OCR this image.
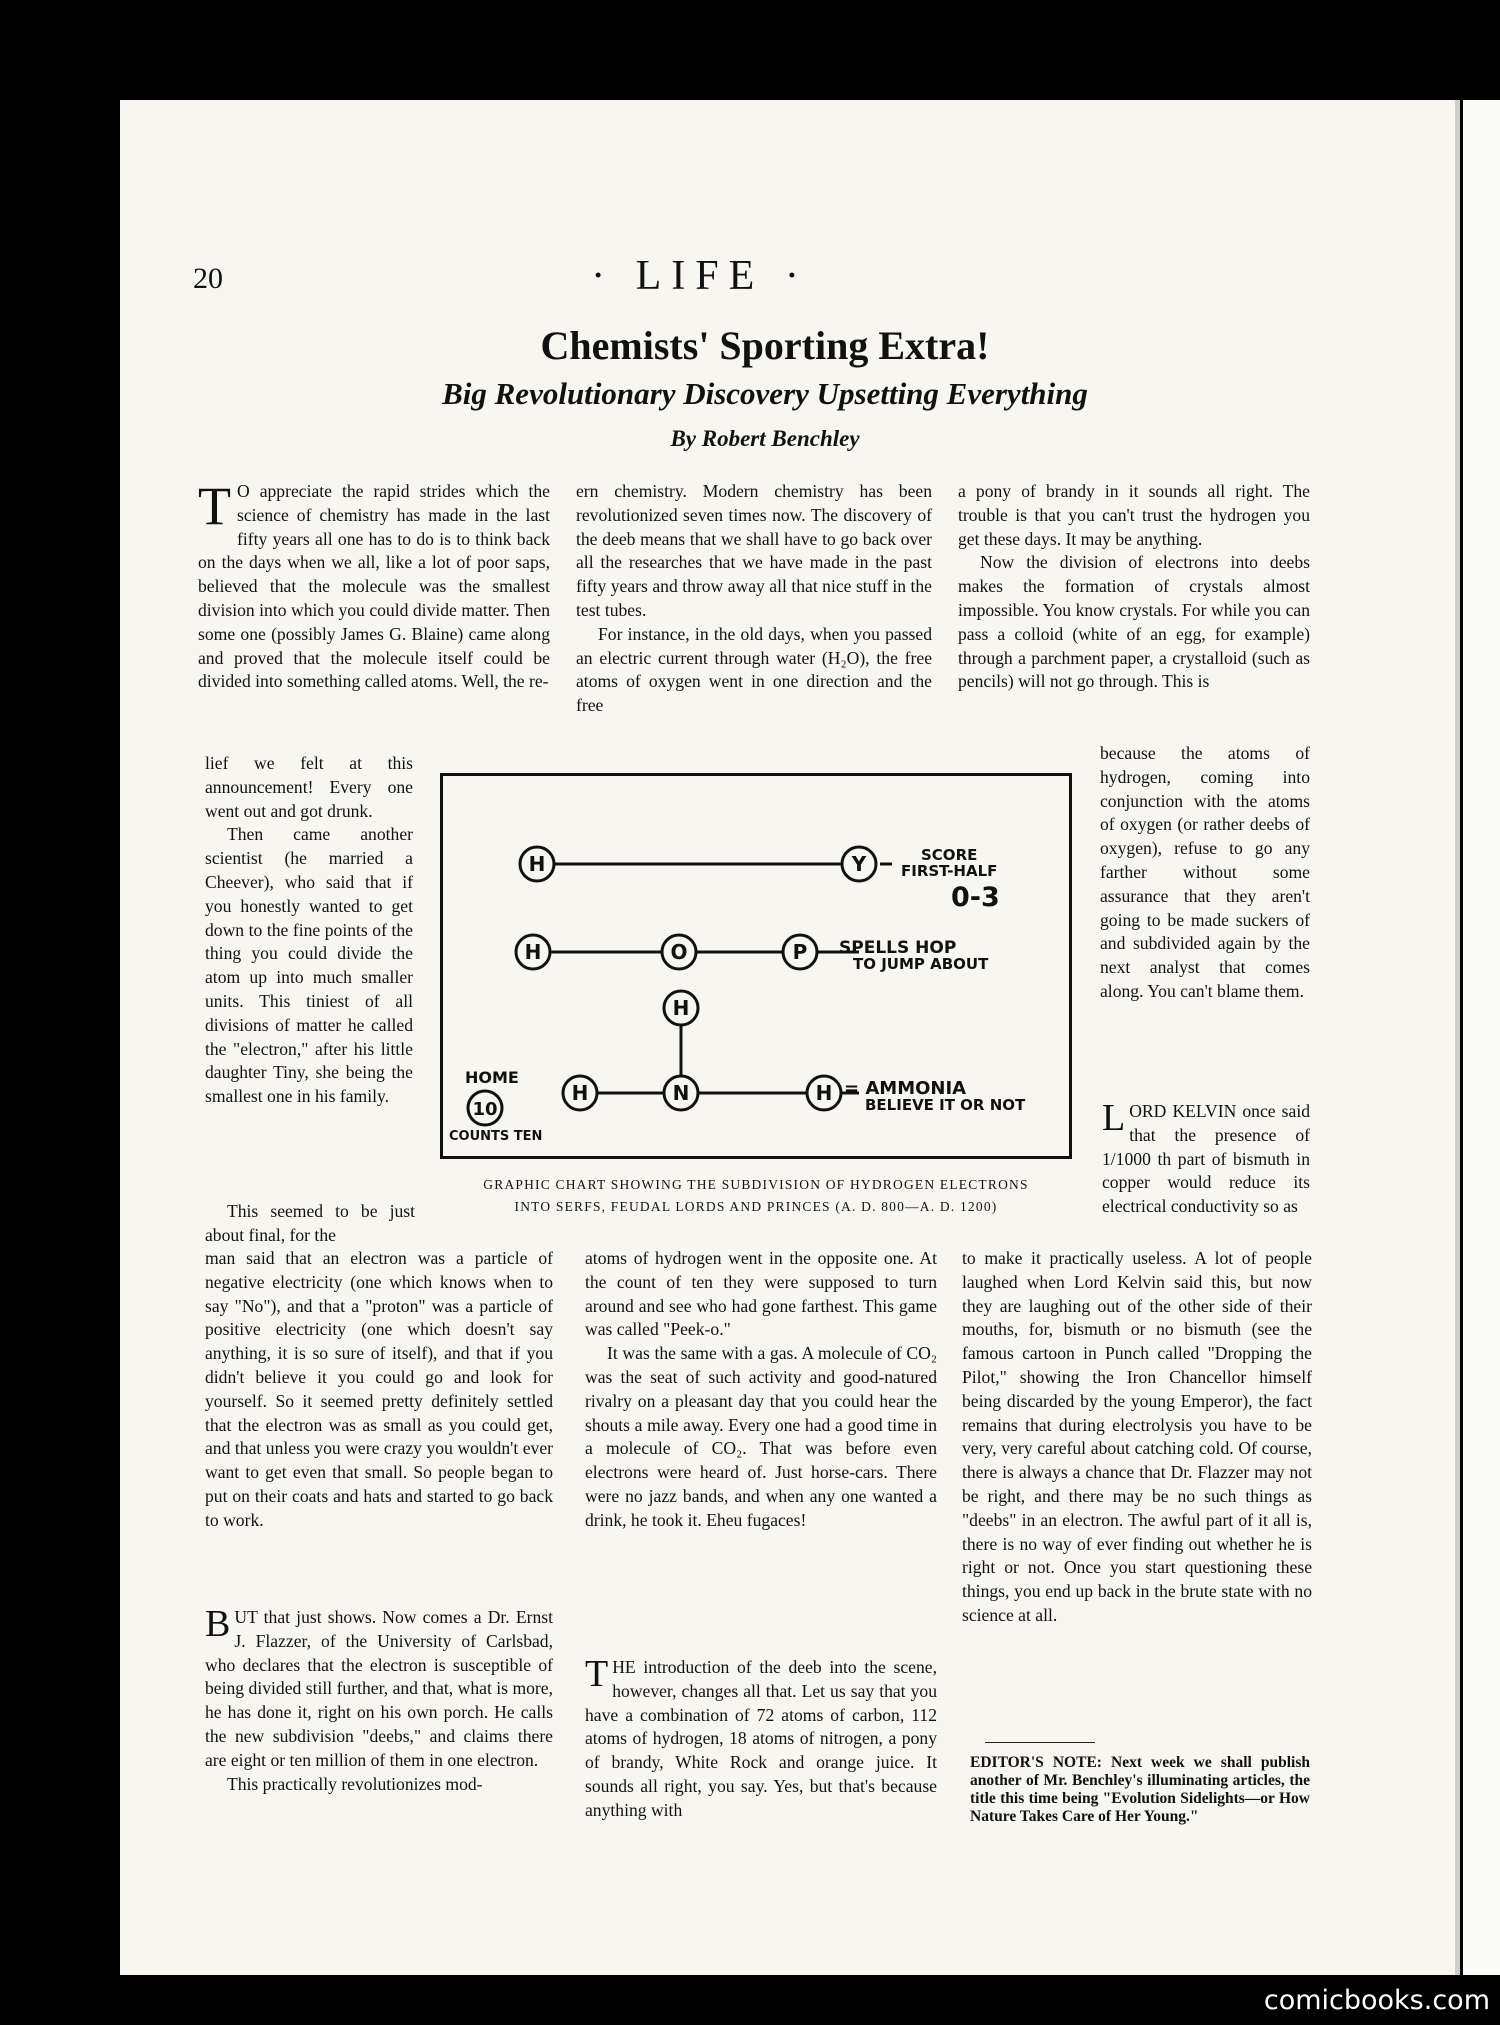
20	· LIFE ·
Chemists' Sporting Extra!
Big Revolutionary Discovery Upsetting Everything
By Robert Benchley

T O appreciate the rapid strides which the science of chemistry has made in the last fifty years all one has to do is to think back on the days when we all, like a lot of poor saps, believed that the molecule was the smallest division into which you could divide matter. Then some one (possibly James G. Blaine) came along and proved that the molecule itself could be divided into something called atoms. Well, the re-

lief we felt at this announcement! Every one went out and got drunk.

Then came another scientist (he married a Cheever), who said that if you honestly wanted to get down to the fine points of the thing you could divide the atom up into much smaller units. This tiniest of all divisions of matter he called the "electron," after his little daughter Tiny, she being the smallest one in his family.

This seemed to be just about final, for the

man said that an electron was a particle of negative electricity (one which knows when to say "No"), and that a "proton" was a particle of positive electricity (one which doesn't say anything, it is so sure of itself), and that if you didn't believe it you could go and look for yourself. So it seemed pretty definitely settled that the electron was as small as you could get, and that unless you were crazy you wouldn't ever want to get even that small. So people began to put on their coats and hats and started to go back to work.

BUT that just shows. Now comes a Dr. Ernst J. Flazzer, of the University of Carlsbad, who declares that the electron is susceptible of being divided still further, and that, what is more, he has done it, right on his own porch. He calls the new subdivision "deebs," and claims there are eight or ten million of them in one electron.

This practically revolutionizes mod-

ern chemistry. Modern chemistry has been revolutionized seven times now. The discovery of the deeb means that we shall have to go back over all the researches that we have made in the past fifty years and throw away all that nice stuff in the test tubes.

For instance, in the old days, when you passed an electric current through water (H₂O), the free atoms of oxygen went in one direction and the free

atoms of hydrogen went in the opposite one. At the count of ten they were supposed to turn around and see who had gone farthest. This game was called "Peek-o."

It was the same with a gas. A molecule of CO₂ was the seat of such activity and good-natured rivalry on a pleasant day that you could hear the shouts a mile away. Every one had a good time in a molecule of CO₂. That was before even electrons were heard of. Just horse-cars. There were no jazz bands, and when any one wanted a drink, he took it. Eheu fugaces!

THE introduction of the deeb into the scene, however, changes all that. Let us say that you have a combination of 72 atoms of carbon, 112 atoms of hydrogen, 18 atoms of nitrogen, a pony of brandy, White Rock and orange juice. It sounds all right, you say. Yes, but that's because anything with

a pony of brandy in it sounds all right. The trouble is that you can't trust the hydrogen you get these days. It may be anything.

Now the division of electrons into deebs makes the formation of crystals almost impossible. You know crystals. For while you can pass a colloid (white of an egg, for example) through a parchment paper, a crystalloid (such as pencils) will not go through. This is

because the atoms of hydrogen, coming into conjunction with the atoms of oxygen (or rather deebs of oxygen), refuse to go any farther without some assurance that they aren't going to be made suckers of and subdivided again by the next analyst that comes along. You can't blame them.

LORD KELVIN once said that the presence of 1/1000 th part of bismuth in copper would reduce its electrical conductivity so as

to make it practically useless. A lot of people laughed when Lord Kelvin said this, but now they are laughing out of the other side of their mouths, for, bismuth or no bismuth (see the famous cartoon in Punch called "Dropping the Pilot," showing the Iron Chancellor himself being discarded by the young Emperor), the fact remains that during electrolysis you have to be very, very careful about catching cold. Of course, there is always a chance that Dr. Flazzer may not be right, and there may be no such things as "deebs" in an electron. The awful part of it all is, there is no way of ever finding out whether he is right or not. Once you start questioning these things, you end up back in the brute state with no science at all.

EDITOR'S NOTE: Next week we shall publish another of Mr. Benchley's illuminating articles, the title this time being "Evolution Sidelights—or How Nature Takes Care of Her Young."
H	Y
H	O	P
H
H	N	H
10
SCORE
FIRST-HALF
0-3
SPELLS HOP
TO JUMP ABOUT
= AMMONIA
BELIEVE IT OR NOT
HOME
COUNTS TEN
GRAPHIC CHART SHOWING THE SUBDIVISION OF HYDROGEN ELECTRONS
INTO SERFS, FEUDAL LORDS AND PRINCES (A. D. 800—A. D. 1200)
comicbooks.com
